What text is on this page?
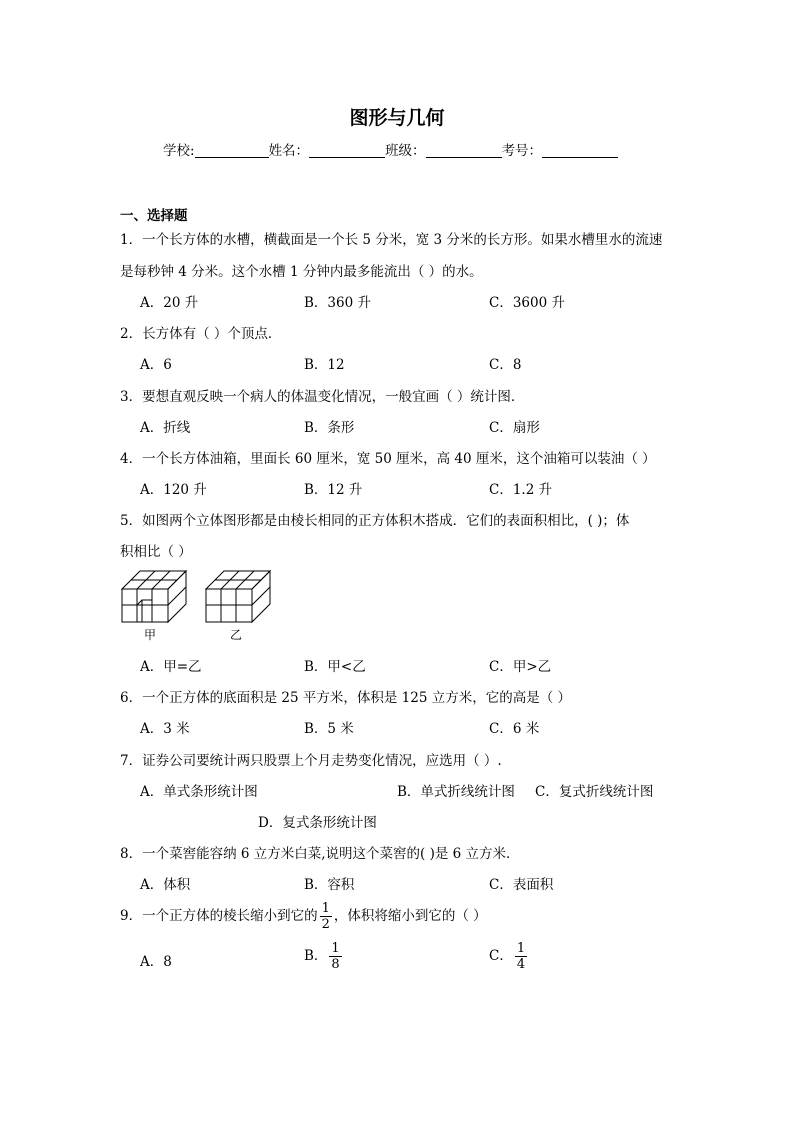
图形与几何
学校:	姓名：	班级：	考号：
一、选择题
1．一个长方体的水槽，横截面是一个长 5 分米，宽 3 分米的长方形。如果水槽里水的流速
是每秒钟 4 分米。这个水槽 1 分钟内最多能流出（ ）的水。
A．20 升	B．360 升	C．3600 升
2．长方体有（ ）个顶点．
A．6	B．12	C．8
3．要想直观反映一个病人的体温变化情况，一般宜画（ ）统计图．
A．折线	B．条形	C．扇形
4．一个长方体油箱，里面长 60 厘米，宽 50 厘米，高 40 厘米，这个油箱可以装油（ ）
A．120 升	B．12 升	C．1.2 升
5．如图两个立体图形都是由棱长相同的正方体积木搭成．它们的表面积相比，( )；体
积相比（ ）
甲	乙
A．甲=乙	B．甲<乙	C．甲>乙
6．一个正方体的底面积是 25 平方米，体积是 125 立方米，它的高是（ ）
A．3 米	B．5 米	C．6 米
7．证券公司要统计两只股票上个月走势变化情况，应选用（ ）.
A．单式条形统计图	B．单式折线统计图 C．复式折线统计图
D．复式条形统计图
8．一个菜窖能容纳 6 立方米白菜,说明这个菜窖的( )是 6 立方米．
A．体积	B．容积	C．表面积
9．一个正方体的棱长缩小到它的 $\frac{1}{2}$ ，体积将缩小到它的（ ）
A．8	B． $\frac{1}{8}$	C． $\frac{1}{4}$
